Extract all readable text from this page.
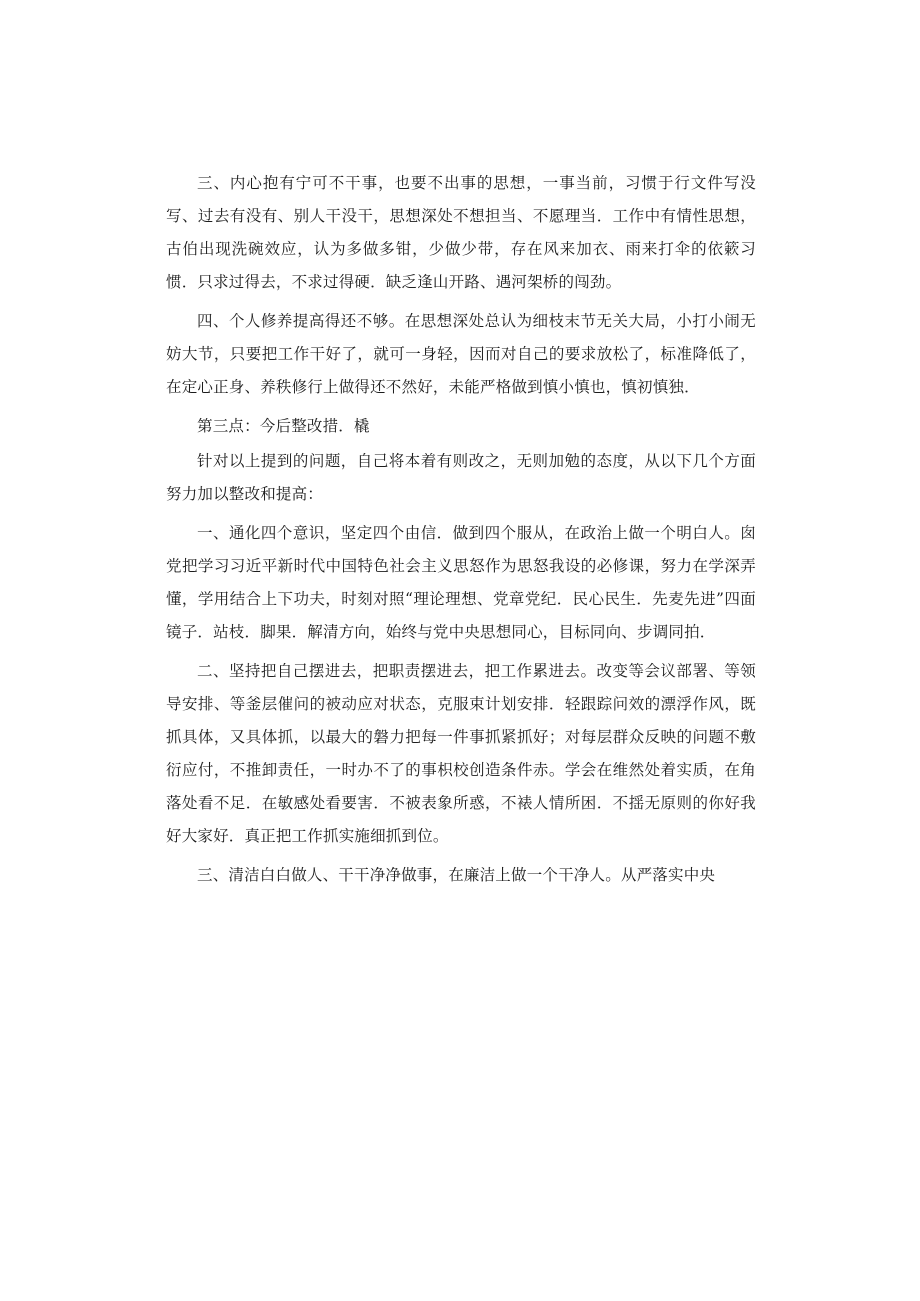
三、内心抱有宁可不干事，也要不出事的思想，一事当前，习惯于行文件写没写、过去有没有、别人干没干，思想深处不想担当、不愿理当．工作中有情性思想，古伯出现洗碗效应，认为多做多钳，少做少带，存在风来加衣、雨来打伞的依簌习惯．只求过得去，不求过得硬．缺乏逢山开路、遇河架桥的闯劲。

四、个人修养提高得还不够。在思想深处总认为细枝末节无关大局，小打小闹无妨大节，只要把工作干好了，就可一身轻，因而对自己的要求放松了，标准降低了，在定心正身、养秩修行上做得还不然好，未能严格做到慎小慎也，慎初慎独．

第三点：今后整改措．橇

针对以上提到的问题，自己将本着有则改之，无则加勉的态度，从以下几个方面努力加以整改和提高：

一、通化四个意识，坚定四个由信．做到四个服从，在政治上做一个明白人。囱党把学习习近平新时代中国特色社会主义思怒作为思怒我设的必修课，努力在学深弄懂，学用结合上下功夫，时刻对照“理论理想、党章党纪．民心民生．先麦先进”四面镜子．站枝．脚果．解清方向，始终与党中央思想同心，目标同向、步调同拍．

二、坚持把自己摆进去，把职责摆进去，把工作累进去。改变等会议部署、等领导安排、等釜层催问的被动应对状态，克服束计划安排．轻跟踪问效的漂浮作风，既抓具体，又具体抓，以最大的磐力把每一件事抓紧抓好；对每层群众反映的问题不敷衍应付，不推卸责任，一时办不了的事枳校创造条件赤。学会在维然处着实质，在角落处看不足．在敏感处看要害．不被表象所惑，不裱人情所困．不揺无原则的你好我好大家好．真正把工作抓实施细抓到位。

三、清洁白白做人、干干净净做事，在廉洁上做一个干净人。从严落实中央
